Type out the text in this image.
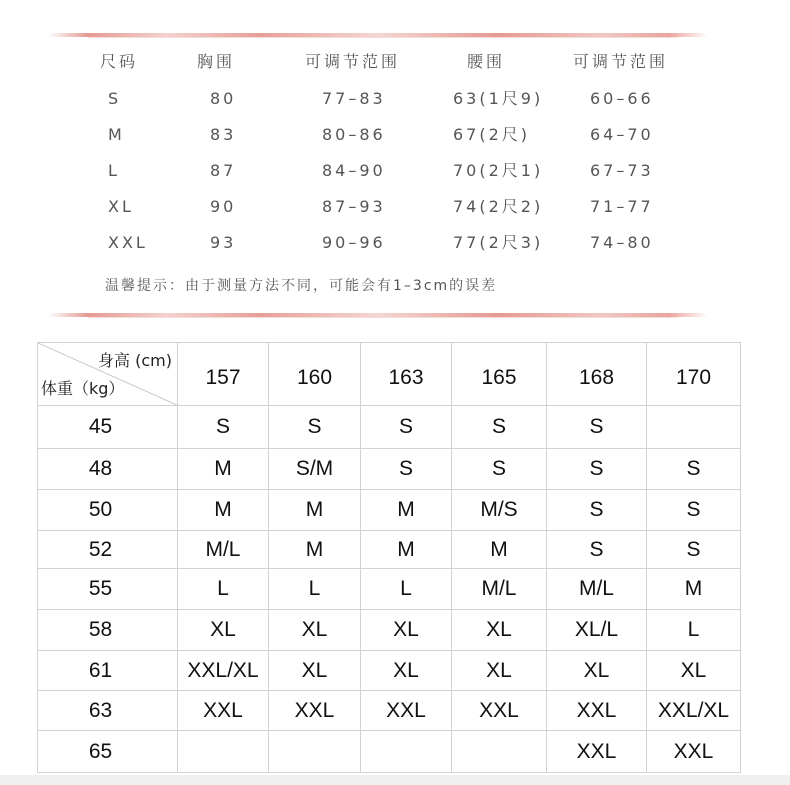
尺码	胸围	可调节范围	腰围	可调节范围
S	80	77–83	63(1尺9)	60–66
M	83	80–86	67(2尺)	64–70
L	87	84–90	70(2尺1)	67–73
XL	90	87–93	74(2尺2)	71–77
XXL	93	90–96	77(2尺3)	74–80
温馨提示：由于测量方法不同，可能会有1–3cm的误差
身高 (cm)
体重（kg）	157	160	163	165	168	170
45	S	S	S	S	S	
48	M	S/M	S	S	S	S
50	M	M	M	M/S	S	S
52	M/L	M	M	M	S	S
55	L	L	L	M/L	M/L	M
58	XL	XL	XL	XL	XL/L	L
61	XXL/XL	XL	XL	XL	XL	XL
63	XXL	XXL	XXL	XXL	XXL	XXL/XL
65					XXL	XXL
